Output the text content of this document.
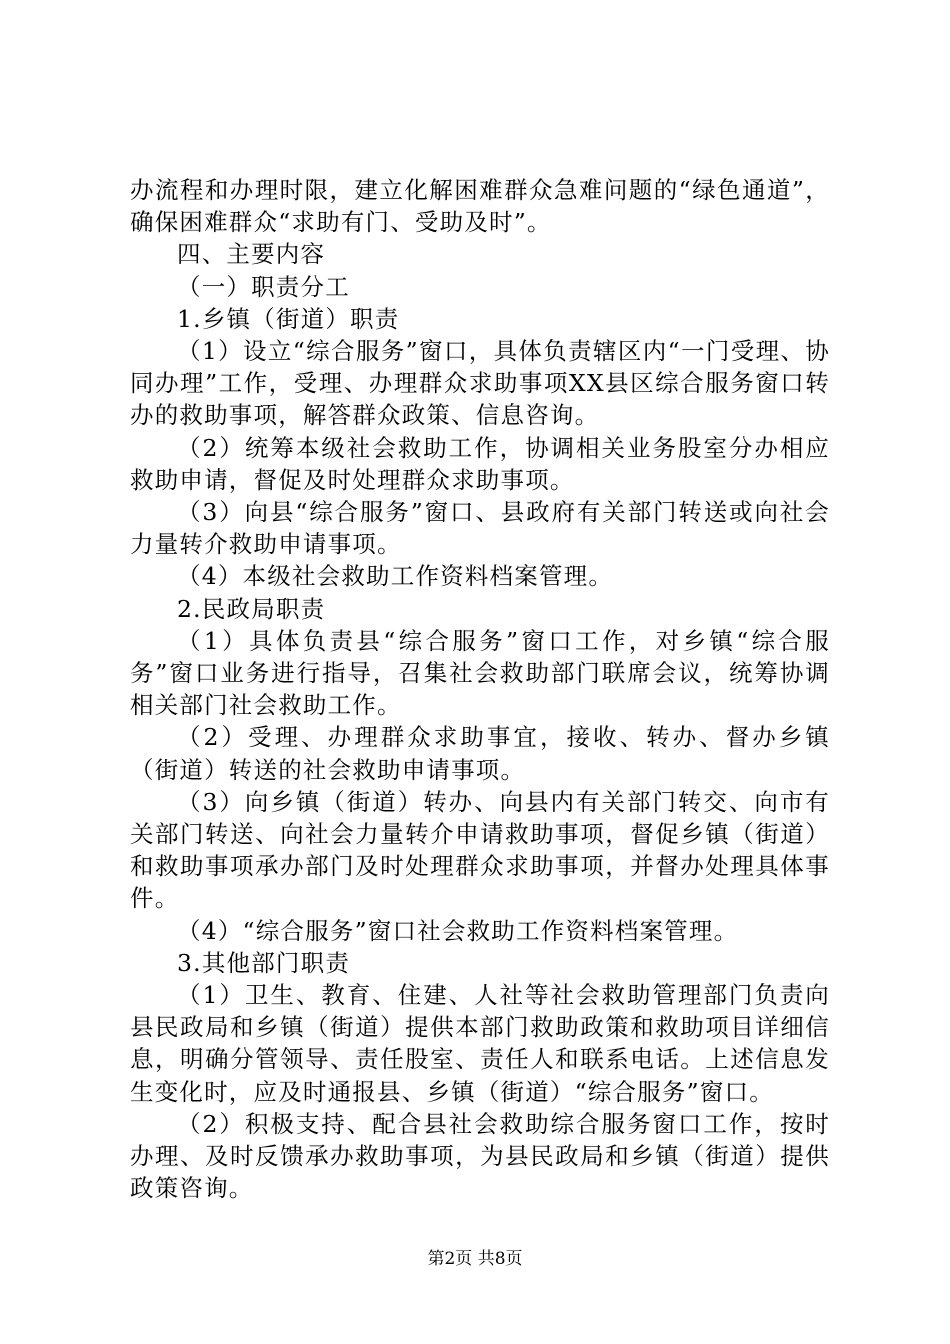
办流程和办理时限，建立化解困难群众急难问题的“绿色通道”，确保困难群众“求助有门、受助及时”。

四、主要内容

（一）职责分工

1.乡镇（街道）职责

（1）设立“综合服务”窗口，具体负责辖区内“一门受理、协同办理”工作，受理、办理群众求助事项XX县区综合服务窗口转办的救助事项，解答群众政策、信息咨询。

（2）统筹本级社会救助工作，协调相关业务股室分办相应救助申请，督促及时处理群众求助事项。

（3）向县“综合服务”窗口、县政府有关部门转送或向社会力量转介救助申请事项。

（4）本级社会救助工作资料档案管理。

2.民政局职责

（1）具体负责县“综合服务”窗口工作，对乡镇“综合服务”窗口业务进行指导，召集社会救助部门联席会议，统筹协调相关部门社会救助工作。

（2）受理、办理群众求助事宜，接收、转办、督办乡镇（街道）转送的社会救助申请事项。

（3）向乡镇（街道）转办、向县内有关部门转交、向市有关部门转送、向社会力量转介申请救助事项，督促乡镇（街道）和救助事项承办部门及时处理群众求助事项，并督办处理具体事件。

（4）“综合服务”窗口社会救助工作资料档案管理。

3.其他部门职责

（1）卫生、教育、住建、人社等社会救助管理部门负责向县民政局和乡镇（街道）提供本部门救助政策和救助项目详细信息，明确分管领导、责任股室、责任人和联系电话。上述信息发生变化时，应及时通报县、乡镇（街道）“综合服务”窗口。

（2）积极支持、配合县社会救助综合服务窗口工作，按时办理、及时反馈承办救助事项，为县民政局和乡镇（街道）提供政策咨询。

第2页 共8页
